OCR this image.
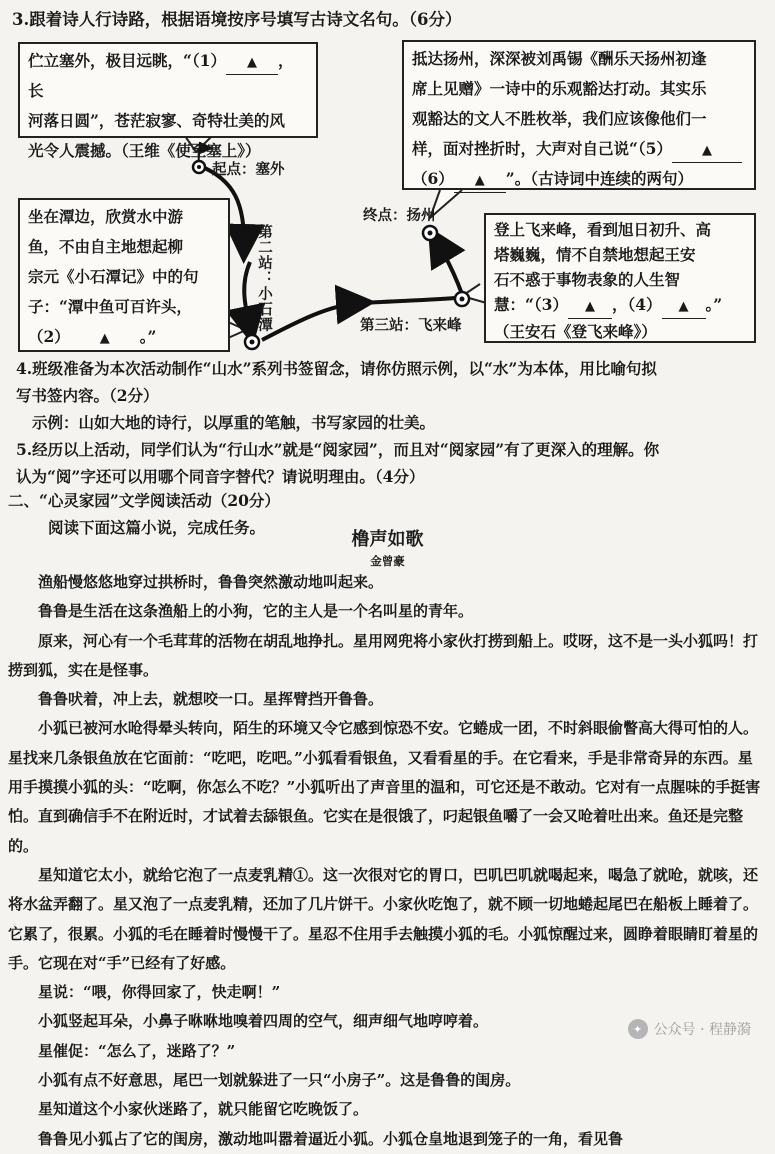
3.跟着诗人行诗路，根据语境按序号填写古诗文名句。（6分）
起点：塞外
第二站：小石潭	第三站：飞来峰
终点：扬州
伫立塞外，极目远眺，“（1） ▲ ，长
河落日圆”，苍茫寂寥、奇特壮美的风
光令人震撼。（王维《使至塞上》）
抵达扬州，深深被刘禹锡《酬乐天扬州初逢
席上见赠》一诗中的乐观豁达打动。其实乐
观豁达的文人不胜枚举，我们应该像他们一
样，面对挫折时，大声对自己说“（5） ▲
（6） ▲ ”。（古诗词中连续的两句）
坐在潭边，欣赏水中游
鱼，不由自主地想起柳
宗元《小石潭记》中的句
子：“潭中鱼可百许头，
（2） ▲ 。”
登上飞来峰，看到旭日初升、高
塔巍巍，情不自禁地想起王安
石不惑于事物表象的人生智
慧：“（3） ▲ ，（4） ▲ 。”
（王安石《登飞来峰》）
4.班级准备为本次活动制作“山水”系列书签留念，请你仿照示例，以“水”为本体，用比喻句拟
写书签内容。（2分）
示例：山如大地的诗行，以厚重的笔触，书写家园的壮美。
5.经历以上活动，同学们认为“行山水”就是“阅家园”，而且对“阅家园”有了更深入的理解。你
认为“阅”字还可以用哪个同音字替代？请说明理由。（4分）
二、“心灵家园”文学阅读活动（20分）
阅读下面这篇小说，完成任务。
橹声如歌
金曾豪

渔船慢悠悠地穿过拱桥时，鲁鲁突然激动地叫起来。

鲁鲁是生活在这条渔船上的小狗，它的主人是一个名叫星的青年。

原来，河心有一个毛茸茸的活物在胡乱地挣扎。星用网兜将小家伙打捞到船上。哎呀，这不是一头小狐吗！打捞到狐，实在是怪事。

鲁鲁吠着，冲上去，就想咬一口。星挥臂挡开鲁鲁。

小狐已被河水呛得晕头转向，陌生的环境又令它感到惊恐不安。它蜷成一团，不时斜眼偷瞥高大得可怕的人。星找来几条银鱼放在它面前：“吃吧，吃吧。”小狐看看银鱼，又看看星的手。在它看来，手是非常奇异的东西。星用手摸摸小狐的头：“吃啊，你怎么不吃？”小狐听出了声音里的温和，可它还是不敢动。它对有一点腥味的手挺害怕。直到确信手不在附近时，才试着去舔银鱼。它实在是很饿了，叼起银鱼嚼了一会又呛着吐出来。鱼还是完整的。

星知道它太小，就给它泡了一点麦乳精①。这一次很对它的胃口，巴叽巴叽就喝起来，喝急了就呛，就咳，还将水盆弄翻了。星又泡了一点麦乳精，还加了几片饼干。小家伙吃饱了，就不顾一切地蜷起尾巴在船板上睡着了。它累了，很累。小狐的毛在睡着时慢慢干了。星忍不住用手去触摸小狐的毛。小狐惊醒过来，圆睁着眼睛盯着星的手。它现在对“手”已经有了好感。

星说：“喂，你得回家了，快走啊！”

小狐竖起耳朵，小鼻子咻咻地嗅着四周的空气，细声细气地哼哼着。

星催促：“怎么了，迷路了？”

小狐有点不好意思，尾巴一划就躲进了一只“小房子”。这是鲁鲁的闺房。

星知道这个小家伙迷路了，就只能留它吃晚饭了。

鲁鲁见小狐占了它的闺房，激动地叫嚣着逼近小狐。小狐仓皇地退到笼子的一角，看见鲁

✦ 公众号 · 程静漪
